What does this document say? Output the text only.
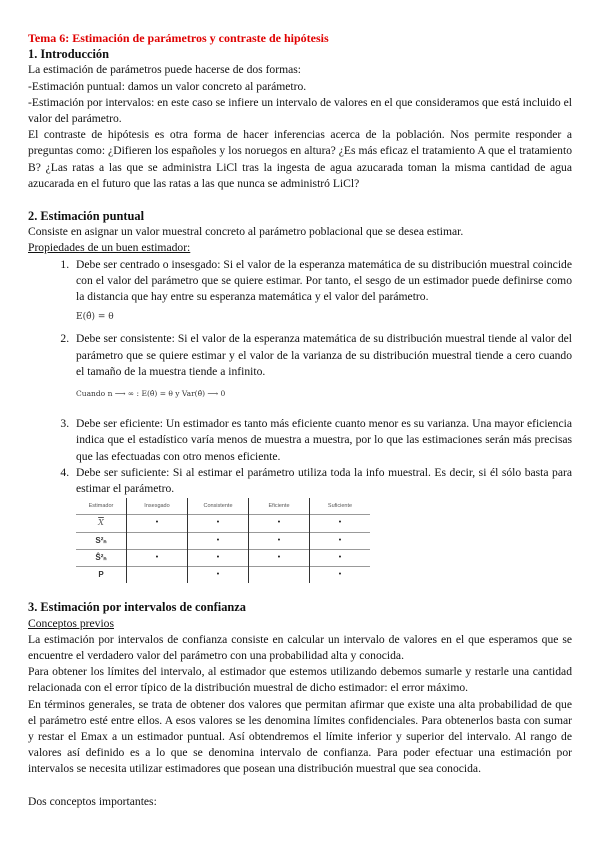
Tema 6: Estimación de parámetros y contraste de hipótesis
1. Introducción

La estimación de parámetros puede hacerse de dos formas:

-Estimación puntual: damos un valor concreto al parámetro.

-Estimación por intervalos: en este caso se infiere un intervalo de valores en el que consideramos que está incluido el valor del parámetro.

El contraste de hipótesis es otra forma de hacer inferencias acerca de la población. Nos permite responder a preguntas como: ¿Difieren los españoles y los noruegos en altura? ¿Es más eficaz el tratamiento A que el tratamiento B? ¿Las ratas a las que se administra LiCl tras la ingesta de agua azucarada toman la misma cantidad de agua azucarada en el futuro que las ratas a las que nunca se administró LiCl?

2. Estimación puntual

Consiste en asignar un valor muestral concreto al parámetro poblacional que se desea estimar.

Propiedades de un buen estimador:
1. Debe ser centrado o insesgado: Si el valor de la esperanza matemática de su distribución muestral coincide con el valor del parámetro que se quiere estimar. Por tanto, el sesgo de un estimador puede definirse como la distancia que hay entre su esperanza matemática y el valor del parámetro.
E(θ̂) = θ
2. Debe ser consistente: Si el valor de la esperanza matemática de su distribución muestral tiende al valor del parámetro que se quiere estimar y el valor de la varianza de su distribución muestral tiende a cero cuando el tamaño de la muestra tiende a infinito.
Cuando n ⟶ ∞ : E(θ̂) = θ y Var(θ̂) ⟶ 0
3. Debe ser eficiente: Un estimador es tanto más eficiente cuanto menor es su varianza. Una mayor eficiencia indica que el estadístico varía menos de muestra a muestra, por lo que las estimaciones serán más precisas que las efectuadas con otro menos eficiente.
4. Debe ser suficiente: Si al estimar el parámetro utiliza toda la info muestral. Es decir, si él sólo basta para estimar el parámetro.
Estimador	Insesgado	Consistente	Eficiente	Suficiente
$\overline{X}$	•	•	•	•
S²ₙ		•	•	•
Ŝ²ₙ	•	•	•	•
P		•		•
3. Estimación por intervalos de confianza
Conceptos previos

La estimación por intervalos de confianza consiste en calcular un intervalo de valores en el que esperamos que se encuentre el verdadero valor del parámetro con una probabilidad alta y conocida.

Para obtener los límites del intervalo, al estimador que estemos utilizando debemos sumarle y restarle una cantidad relacionada con el error típico de la distribución muestral de dicho estimador: el error máximo.

En términos generales, se trata de obtener dos valores que permitan afirmar que existe una alta probabilidad de que el parámetro esté entre ellos. A esos valores se les denomina límites confidenciales. Para obtenerlos basta con sumar y restar el Emax a un estimador puntual. Así obtendremos el límite inferior y superior del intervalo. Al rango de valores así definido es a lo que se denomina intervalo de confianza. Para poder efectuar una estimación por intervalos se necesita utilizar estimadores que posean una distribución muestral que sea conocida.

Dos conceptos importantes:
